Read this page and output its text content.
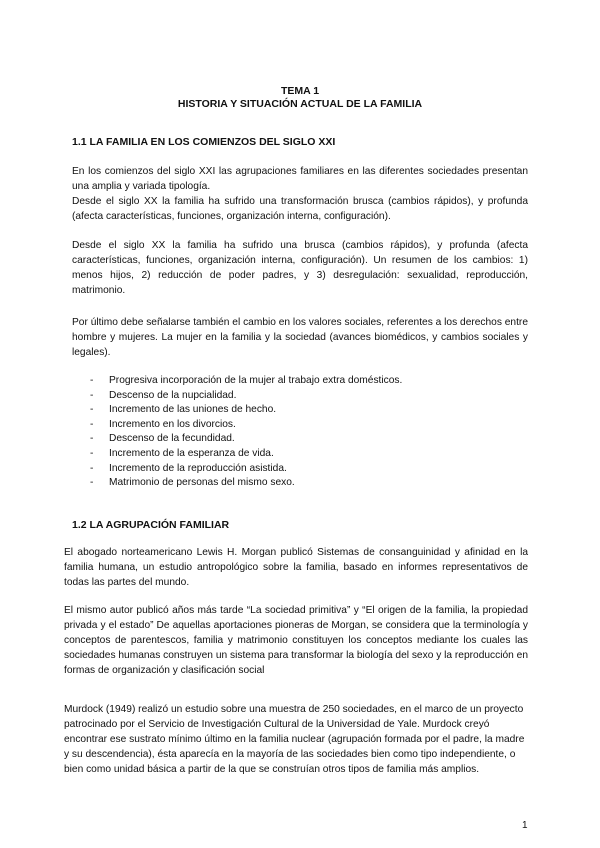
TEMA 1
HISTORIA Y SITUACIÓN ACTUAL DE LA FAMILIA
1.1 LA FAMILIA EN LOS COMIENZOS DEL SIGLO XXI

En los comienzos del siglo XXI las agrupaciones familiares en las diferentes sociedades presentan una amplia y variada tipología.

Desde el siglo XX la familia ha sufrido una transformación brusca (cambios rápidos), y profunda (afecta características, funciones, organización interna, configuración).

Desde el siglo XX la familia ha sufrido una brusca (cambios rápidos), y profunda (afecta características, funciones, organización interna, configuración). Un resumen de los cambios: 1) menos hijos, 2) reducción de poder padres, y 3) desregulación: sexualidad, reproducción, matrimonio.

Por último debe señalarse también el cambio en los valores sociales, referentes a los derechos entre hombre y mujeres. La mujer en la familia y la sociedad (avances biomédicos, y cambios sociales y legales).

- Progresiva incorporación de la mujer al trabajo extra domésticos.
- Descenso de la nupcialidad.
- Incremento de las uniones de hecho.
- Incremento en los divorcios.
- Descenso de la fecundidad.
- Incremento de la esperanza de vida.
- Incremento de la reproducción asistida.
- Matrimonio de personas del mismo sexo.
1.2 LA AGRUPACIÓN FAMILIAR

El abogado norteamericano Lewis H. Morgan publicó Sistemas de consanguinidad y afinidad en la familia humana, un estudio antropológico sobre la familia, basado en informes representativos de todas las partes del mundo.

El mismo autor publicó años más tarde “La sociedad primitiva” y “El origen de la familia, la propiedad privada y el estado” De aquellas aportaciones pioneras de Morgan, se considera que la terminología y conceptos de parentescos, familia y matrimonio constituyen los conceptos mediante los cuales las sociedades humanas construyen un sistema para transformar la biología del sexo y la reproducción en formas de organización y clasificación social

Murdock (1949) realizó un estudio sobre una muestra de 250 sociedades, en el marco de un proyecto patrocinado por el Servicio de Investigación Cultural de la Universidad de Yale. Murdock creyó encontrar ese sustrato mínimo último en la familia nuclear (agrupación formada por el padre, la madre y su descendencia), ésta aparecía en la mayoría de las sociedades bien como tipo independiente, o bien como unidad básica a partir de la que se construían otros tipos de familia más amplios.

1
